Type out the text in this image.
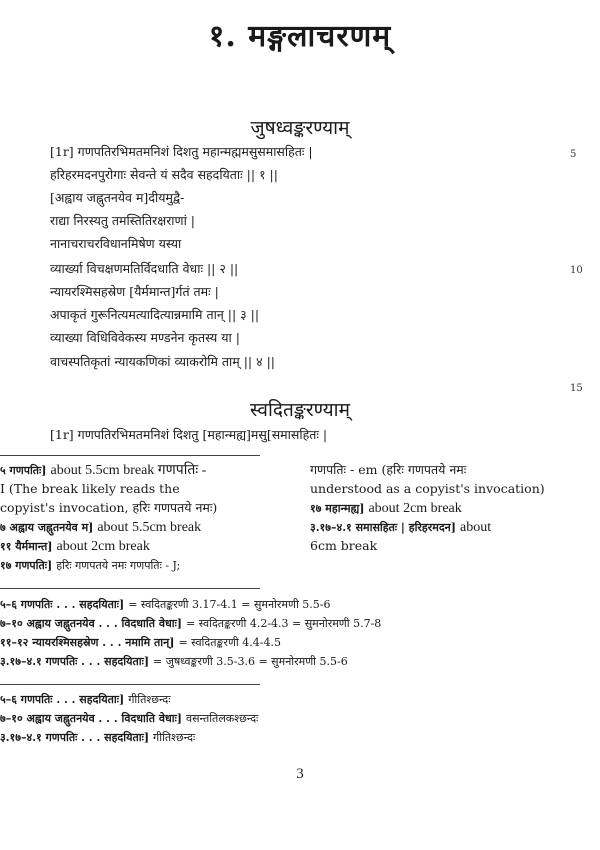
१. मङ्गलाचरणम्
जुषध्वङ्करण्याम्
[1r] गणपतिरभिमतमनिशं दिशतु महान्मह्ममसुसमासहितः |
हरिहरमदनपुरोगाः सेवन्ते यं सदैव सहदयिताः || १ ||
[अह्वाय जह्नुतनयेव म]दीयमुद्वै-
राद्या निरस्यतु तमस्तितिरक्षराणां |
नानाचराचरविधानमिषेण यस्या
व्यार्ख्या विचक्षणमतिर्विदधाति वेधाः || २ ||
न्यायरश्मिसहस्रेण [यैर्ममान्त]र्गतं तमः |
अपाकृतं गुरूनित्यमत्यादित्यान्नमामि तान् || ३ ||
व्याख्या विधिविवेकस्य मण्डनेन कृतस्य या |
वाचस्पतिकृतां न्यायकणिकां व्याकरोमि ताम् || ४ ||
5
10
15
स्वदितङ्करण्याम्
[1r] गणपतिरभिमतमनिशं दिशतु [महान्मह्य]मसु[समासहितः |
५ गणपतिः] about 5.5cm break गणपतिः -
I (The break likely reads the
copyist's invocation, हरिः गणपतये नमः)
७ अह्वाय जह्नुतनयेव म] about 5.5cm break
११ यैर्ममान्त] about 2cm break
१७ गणपतिः] हरिः गणपतये नमः गणपतिः - J;
गणपतिः - em (हरिः गणपतये नमः
understood as a copyist's invocation)
१७ महान्मह्य] about 2cm break
३.१७–४.१ समासहितः | हरिहरमदन] about
6cm break
५–६ गणपतिः . . . सहदयिताः] = स्वदितङ्करणी 3.17-4.1 = सुमनोरमणी 5.5-6
७–१० अह्वाय जह्नुतनयेव . . . विदधाति वेधाः] = स्वदितङ्करणी 4.2-4.3 = सुमनोरमणी 5.7-8
११–१२ न्यायरश्मिसहस्रेण . . . नमामि तान्] = स्वदितङ्करणी 4.4-4.5
३.१७–४.१ गणपतिः . . . सहदयिताः] = जुषध्वङ्करणी 3.5-3.6 = सुमनोरमणी 5.5-6
५–६ गणपतिः . . . सहदयिताः] गीतिश्छन्दः
७–१० अह्वाय जह्नुतनयेव . . . विदधाति वेधाः] वसन्ततिलकश्छन्दः
३.१७–४.१ गणपतिः . . . सहदयिताः] गीतिश्छन्दः
3
